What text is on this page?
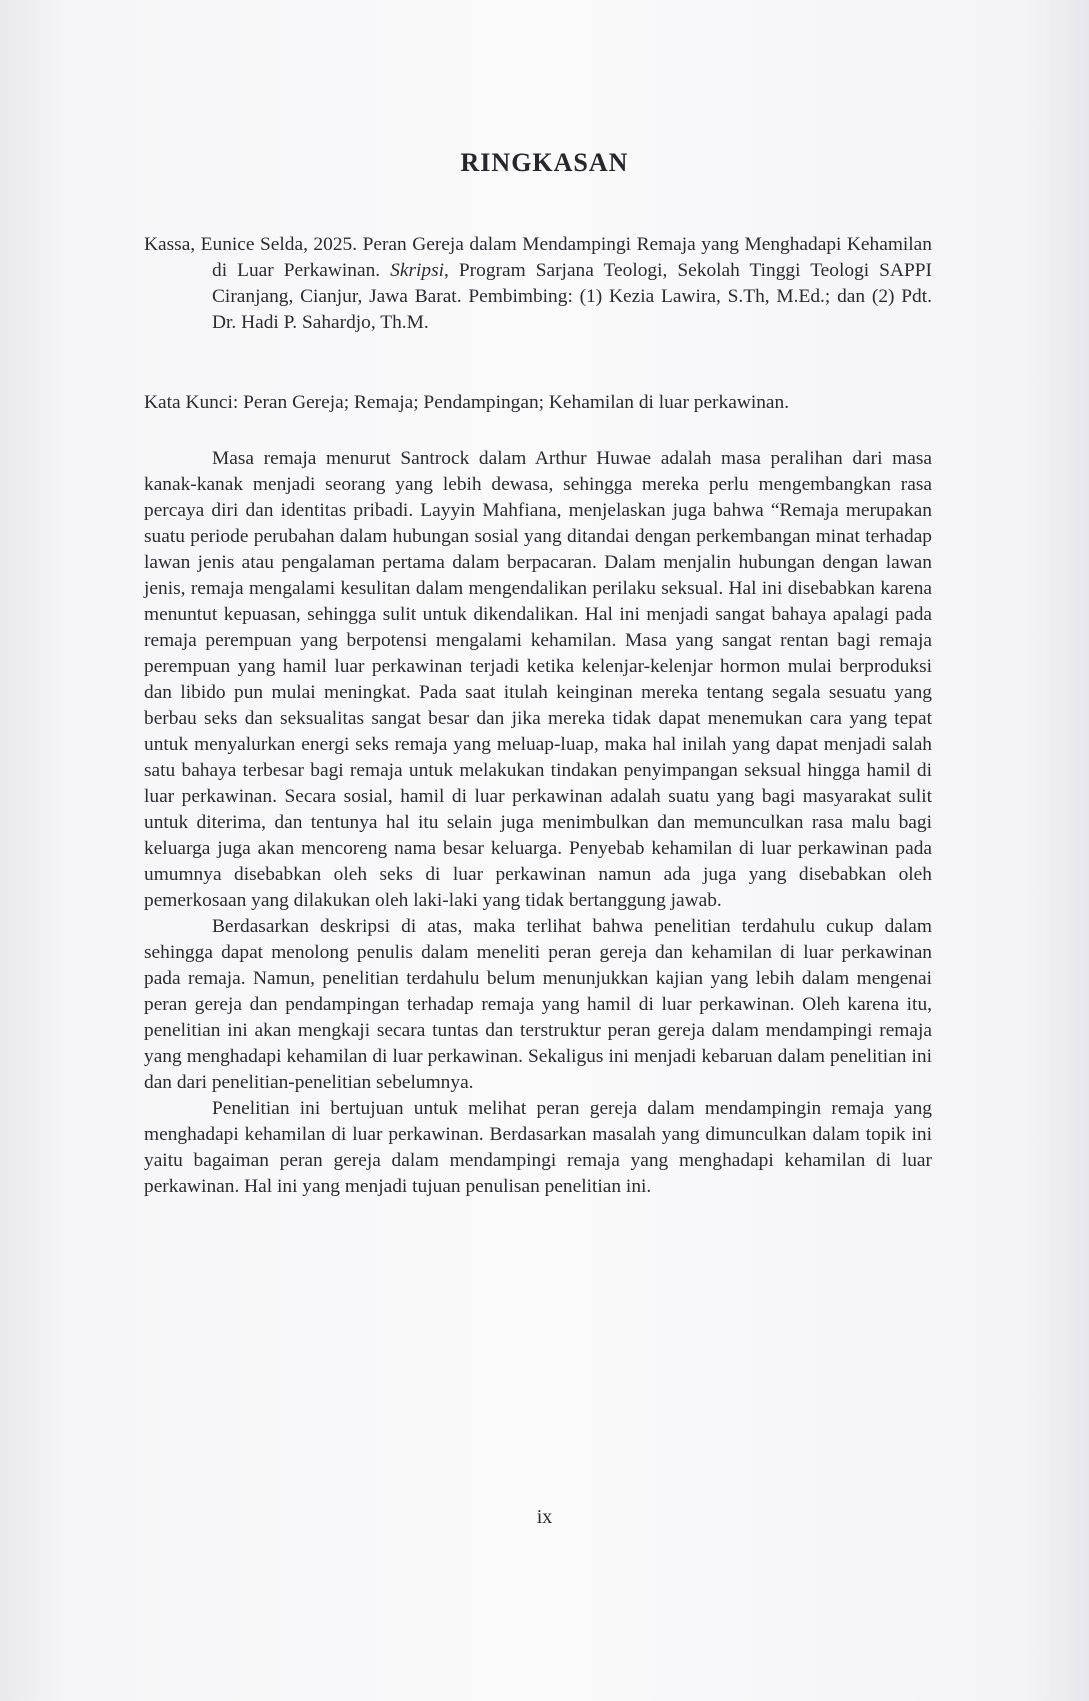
RINGKASAN

Kassa, Eunice Selda, 2025. Peran Gereja dalam Mendampingi Remaja yang Menghadapi Kehamilan di Luar Perkawinan. Skripsi, Program Sarjana Teologi, Sekolah Tinggi Teologi SAPPI Ciranjang, Cianjur, Jawa Barat. Pembimbing: (1) Kezia Lawira, S.Th, M.Ed.; dan (2) Pdt. Dr. Hadi P. Sahardjo, Th.M.

Kata Kunci: Peran Gereja; Remaja; Pendampingan; Kehamilan di luar perkawinan.

Masa remaja menurut Santrock dalam Arthur Huwae adalah masa peralihan dari masa kanak-kanak menjadi seorang yang lebih dewasa, sehingga mereka perlu mengembangkan rasa percaya diri dan identitas pribadi. Layyin Mahfiana, menjelaskan juga bahwa “Remaja merupakan suatu periode perubahan dalam hubungan sosial yang ditandai dengan perkembangan minat terhadap lawan jenis atau pengalaman pertama dalam berpacaran. Dalam menjalin hubungan dengan lawan jenis, remaja mengalami kesulitan dalam mengendalikan perilaku seksual. Hal ini disebabkan karena menuntut kepuasan, sehingga sulit untuk dikendalikan. Hal ini menjadi sangat bahaya apalagi pada remaja perempuan yang berpotensi mengalami kehamilan. Masa yang sangat rentan bagi remaja perempuan yang hamil luar perkawinan terjadi ketika kelenjar-kelenjar hormon mulai berproduksi dan libido pun mulai meningkat. Pada saat itulah keinginan mereka tentang segala sesuatu yang berbau seks dan seksualitas sangat besar dan jika mereka tidak dapat menemukan cara yang tepat untuk menyalurkan energi seks remaja yang meluap-luap, maka hal inilah yang dapat menjadi salah satu bahaya terbesar bagi remaja untuk melakukan tindakan penyimpangan seksual hingga hamil di luar perkawinan. Secara sosial, hamil di luar perkawinan adalah suatu yang bagi masyarakat sulit untuk diterima, dan tentunya hal itu selain juga menimbulkan dan memunculkan rasa malu bagi keluarga juga akan mencoreng nama besar keluarga. Penyebab kehamilan di luar perkawinan pada umumnya disebabkan oleh seks di luar perkawinan namun ada juga yang disebabkan oleh pemerkosaan yang dilakukan oleh laki-laki yang tidak bertanggung jawab.

Berdasarkan deskripsi di atas, maka terlihat bahwa penelitian terdahulu cukup dalam sehingga dapat menolong penulis dalam meneliti peran gereja dan kehamilan di luar perkawinan pada remaja. Namun, penelitian terdahulu belum menunjukkan kajian yang lebih dalam mengenai peran gereja dan pendampingan terhadap remaja yang hamil di luar perkawinan. Oleh karena itu, penelitian ini akan mengkaji secara tuntas dan terstruktur peran gereja dalam mendampingi remaja yang menghadapi kehamilan di luar perkawinan. Sekaligus ini menjadi kebaruan dalam penelitian ini dan dari penelitian-penelitian sebelumnya.

Penelitian ini bertujuan untuk melihat peran gereja dalam mendampingin remaja yang menghadapi kehamilan di luar perkawinan. Berdasarkan masalah yang dimunculkan dalam topik ini yaitu bagaiman peran gereja dalam mendampingi remaja yang menghadapi kehamilan di luar perkawinan. Hal ini yang menjadi tujuan penulisan penelitian ini.

ix
